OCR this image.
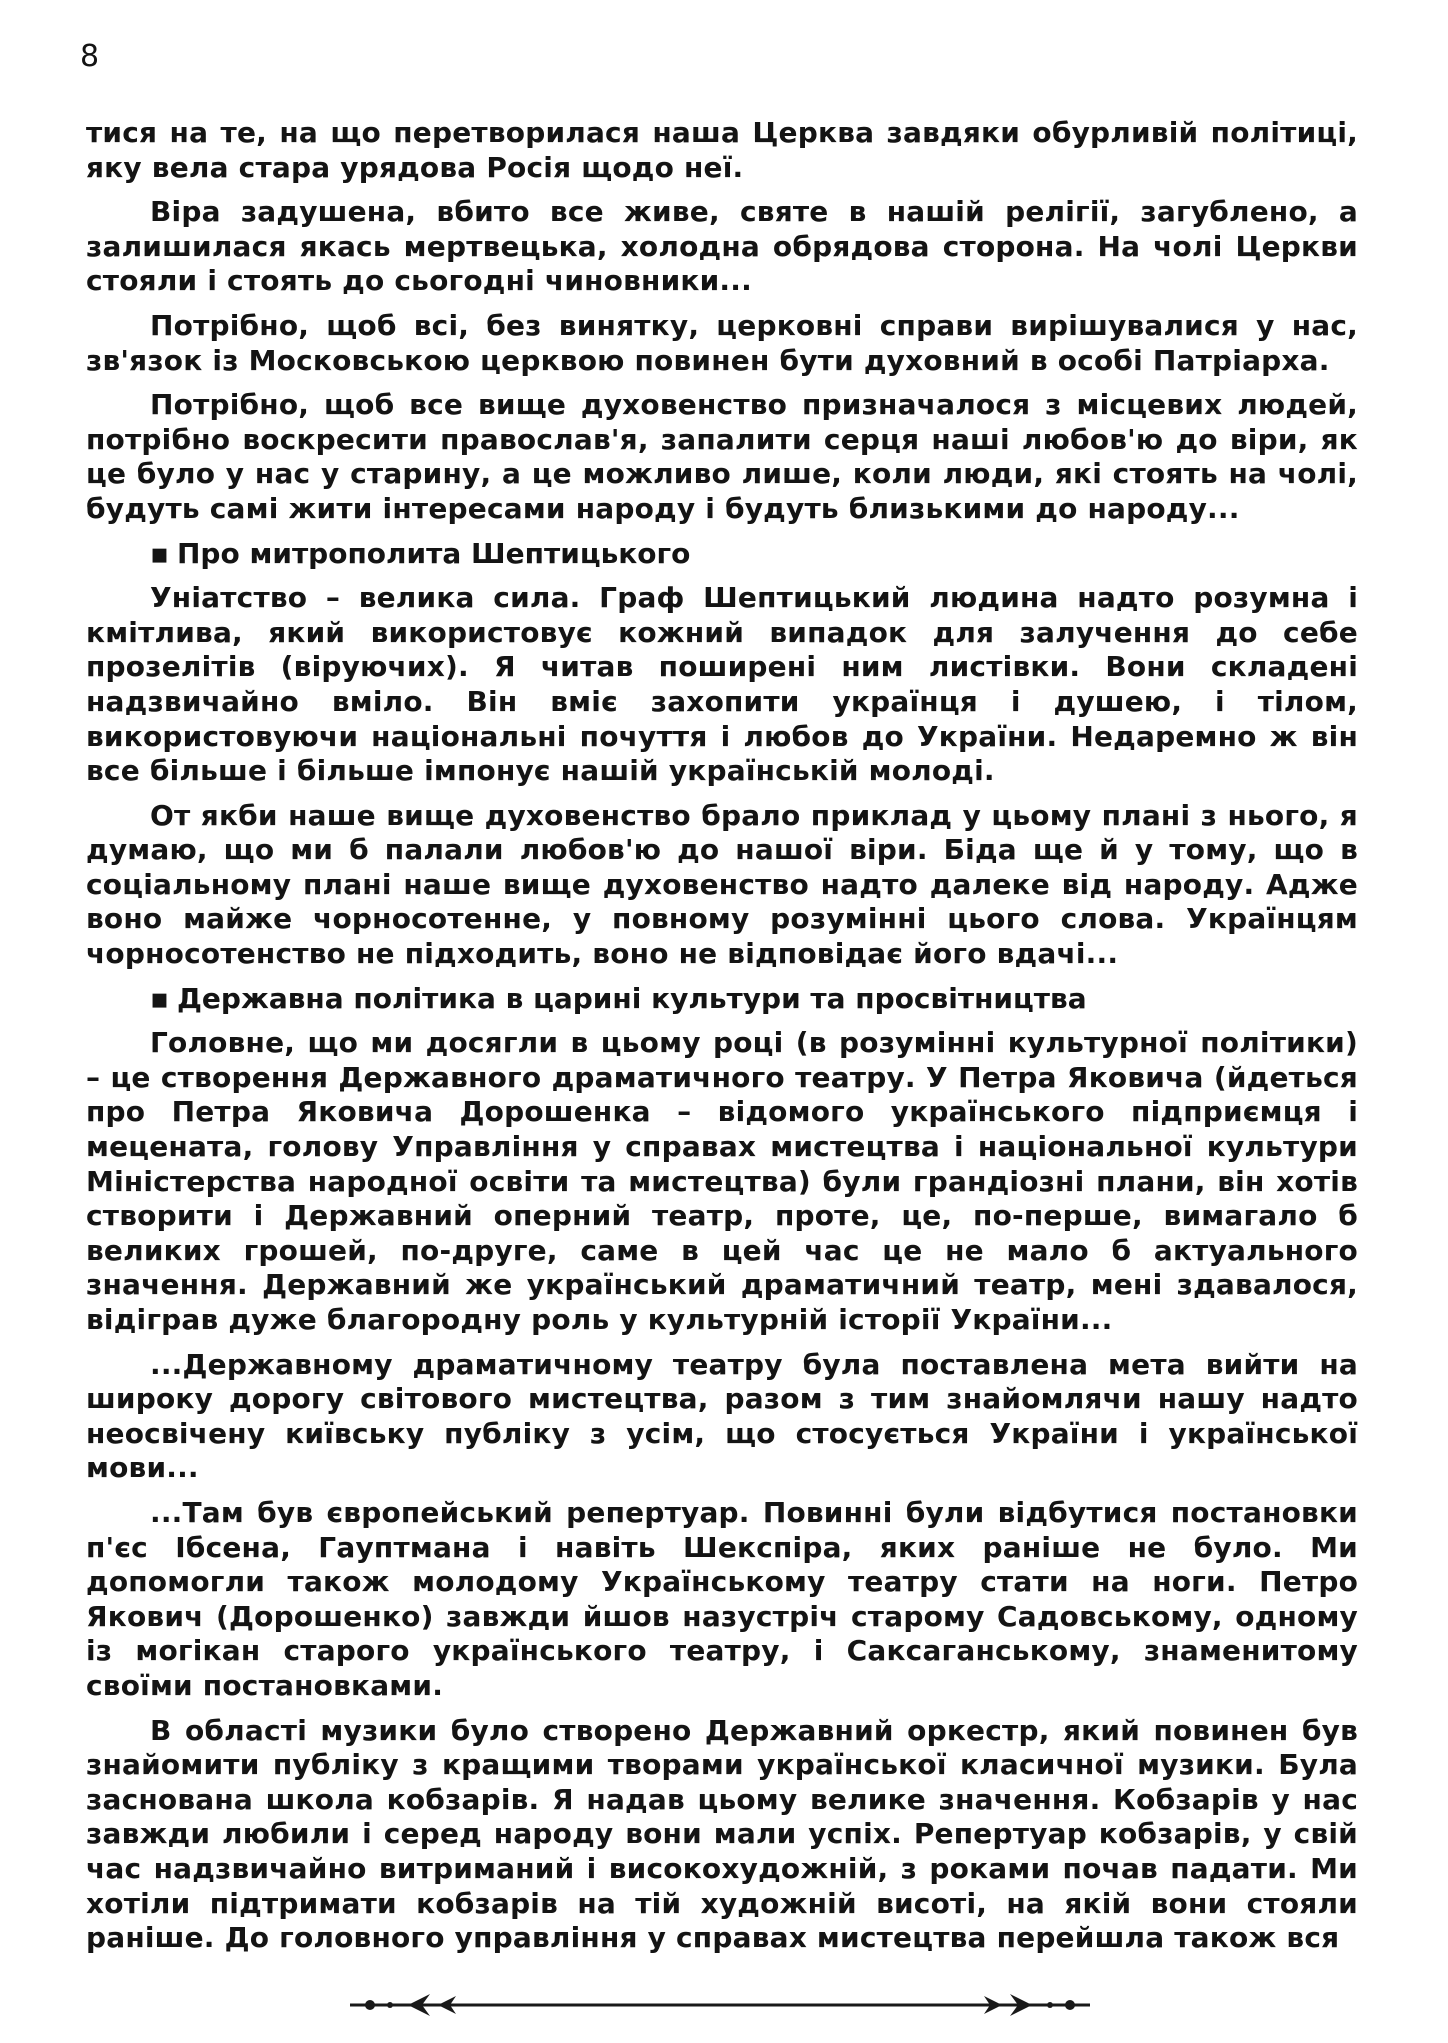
8

тися на те, на що перетворилася наша Церква завдяки обурливій політиці, яку вела стара урядова Росія щодо неї.

Віра задушена, вбито все живе, святе в нашій релігії, загублено, а залишилася якась мертвецька, холодна обрядова сторона. На чолі Церкви стояли і стоять до сьогодні чиновники...

Потрібно, щоб всі, без винятку, церковні справи вирішувалися у нас, зв'язок із Московською церквою повинен бути духовний в особі Патріарха.

Потрібно, щоб все вище духовенство призначалося з місцевих людей, потрібно воскресити православ'я, запалити серця наші любов'ю до віри, як це було у нас у старину, а це можливо лише, коли люди, які стоять на чолі, будуть самі жити інтересами народу і будуть близькими до народу...

▪ Про митрополита Шептицького

Уніатство – велика сила. Граф Шептицький людина надто розумна і кмітлива, який використовує кожний випадок для залучення до себе прозелітів (віруючих). Я читав поширені ним листівки. Вони складені надзвичайно вміло. Він вміє захопити українця і душею, і тілом, використовуючи національні почуття і любов до України. Недаремно ж він все більше і більше імпонує нашій українській молоді.

От якби наше вище духовенство брало приклад у цьому плані з нього, я думаю, що ми б палали любов'ю до нашої віри. Біда ще й у тому, що в соціальному плані наше вище духовенство надто далеке від народу. Адже воно майже чорносотенне, у повному розумінні цього слова. Українцям чорносотенство не підходить, воно не відповідає його вдачі...

▪ Державна політика в царині культури та просвітництва

Головне, що ми досягли в цьому році (в розумінні культурної політики) – це створення Державного драматичного театру. У Петра Яковича (йдеться про Петра Яковича Дорошенка – відомого українського підприємця і мецената, голову Управління у справах мистецтва і національної культури Міністерства народної освіти та мистецтва) були грандіозні плани, він хотів створити і Державний оперний театр, проте, це, по-перше, вимагало б великих грошей, по-друге, саме в цей час це не мало б актуального значення. Державний же український драматичний театр, мені здавалося, відіграв дуже благородну роль у культурній історії України...

...Державному драматичному театру була поставлена мета вийти на широку дорогу світового мистецтва, разом з тим знайомлячи нашу надто неосвічену київську публіку з усім, що стосується України і української мови...

...Там був європейський репертуар. Повинні були відбутися постановки п'єс Ібсена, Гауптмана і навіть Шекспіра, яких раніше не було. Ми допомогли також молодому Українському театру стати на ноги. Петро Якович (Дорошенко) завжди йшов назустріч старому Садовському, одному із могікан старого українського театру, і Саксаганському, знаменитому своїми постановками.

В області музики було створено Державний оркестр, який повинен був знайомити публіку з кращими творами української класичної музики. Була заснована школа кобзарів. Я надав цьому велике значення. Кобзарів у нас завжди любили і серед народу вони мали успіх. Репертуар кобзарів, у свій час надзвичайно витриманий і високохудожній, з роками почав падати. Ми хотіли підтримати кобзарів на тій художній висоті, на якій вони стояли раніше. До головного управління у справах мистецтва перейшла також вся
